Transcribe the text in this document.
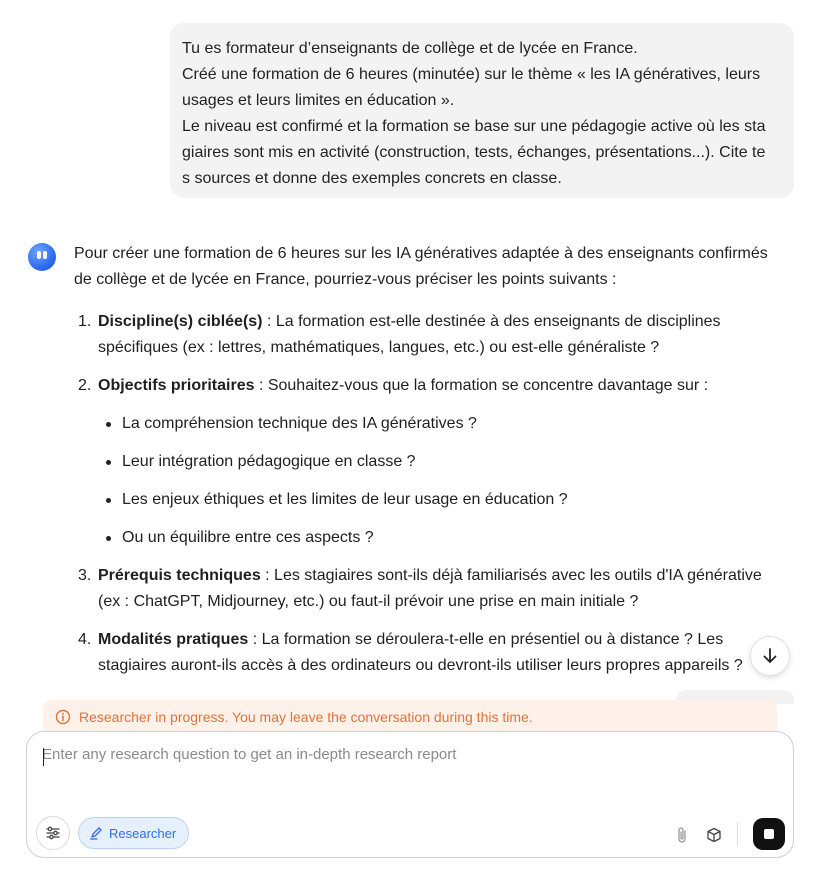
Tu es formateur d’enseignants de collège et de lycée en France.

Créé une formation de 6 heures (minutée) sur le thème « les IA génératives, leurs

usages et leurs limites en éducation ».

Le niveau est confirmé et la formation se base sur une pédagogie active où les sta

giaires sont mis en activité (construction, tests, échanges, présentations...). Cite te

s sources et donne des exemples concrets en classe.

Pour créer une formation de 6 heures sur les IA génératives adaptée à des enseignants confirmés de collège et de lycée en France, pourriez-vous préciser les points suivants :

1. Discipline(s) ciblée(s) : La formation est-elle destinée à des enseignants de disciplines spécifiques (ex : lettres, mathématiques, langues, etc.) ou est-elle généraliste ?
2. Objectifs prioritaires : Souhaitez-vous que la formation se concentre davantage sur :
La compréhension technique des IA génératives ?
Leur intégration pédagogique en classe ?
Les enjeux éthiques et les limites de leur usage en éducation ?
Ou un équilibre entre ces aspects ?
3. Prérequis techniques : Les stagiaires sont-ils déjà familiarisés avec les outils d'IA générative (ex : ChatGPT, Midjourney, etc.) ou faut-il prévoir une prise en main initiale ?
4. Modalités pratiques : La formation se déroulera-t-elle en présentiel ou à distance ? Les stagiaires auront-ils accès à des ordinateurs ou devront-ils utiliser leurs propres appareils ?
Researcher in progress. You may leave the conversation during this time.
Enter any research question to get an in-depth research report
Researcher
